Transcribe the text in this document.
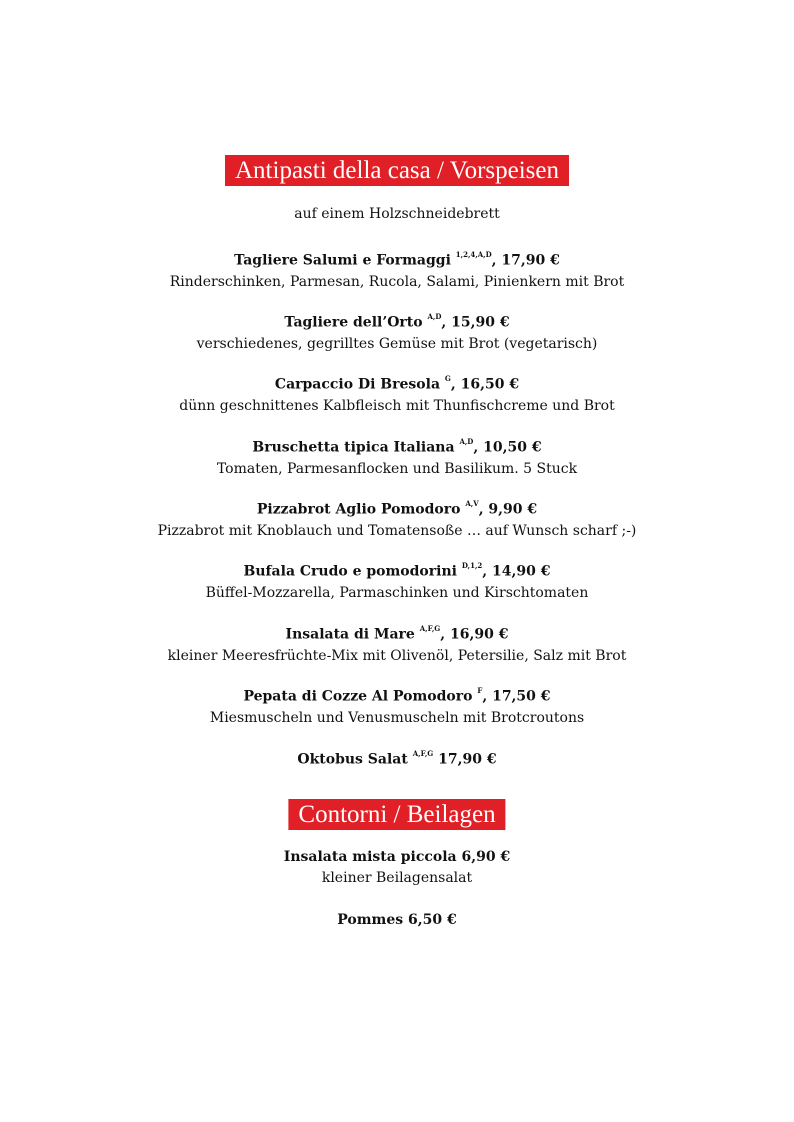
Antipasti della casa / Vorspeisen
auf einem Holzschneidebrett
Tagliere Salumi e Formaggi $^{1,2,4,A,D}$, 17,90 €
Rinderschinken, Parmesan, Rucola, Salami, Pinienkern mit Brot
Tagliere dell’Orto $^{A,D}$, 15,90 €
verschiedenes, gegrilltes Gemüse mit Brot (vegetarisch)
Carpaccio Di Bresola $^G$, 16,50 €
dünn geschnittenes Kalbfleisch mit Thunfischcreme und Brot
Bruschetta tipica Italiana $^{A,D}$, 10,50 €
Tomaten, Parmesanflocken und Basilikum. 5 Stuck
Pizzabrot Aglio Pomodoro $^{A,V}$, 9,90 €
Pizzabrot mit Knoblauch und Tomatensoße … auf Wunsch scharf ;-)
Bufala Crudo e pomodorini $^{D,1,2}$, 14,90 €
Büffel-Mozzarella, Parmaschinken und Kirschtomaten
Insalata di Mare $^{A,F,G}$, 16,90 €
kleiner Meeresfrüchte-Mix mit Olivenöl, Petersilie, Salz mit Brot
Pepata di Cozze Al Pomodoro $^F$, 17,50 €
Miesmuscheln und Venusmuscheln mit Brotcroutons
Oktobus Salat $^{A,F,G}$ 17,90 €
Contorni / Beilagen
Insalata mista piccola 6,90 €
kleiner Beilagensalat
Pommes 6,50 €
